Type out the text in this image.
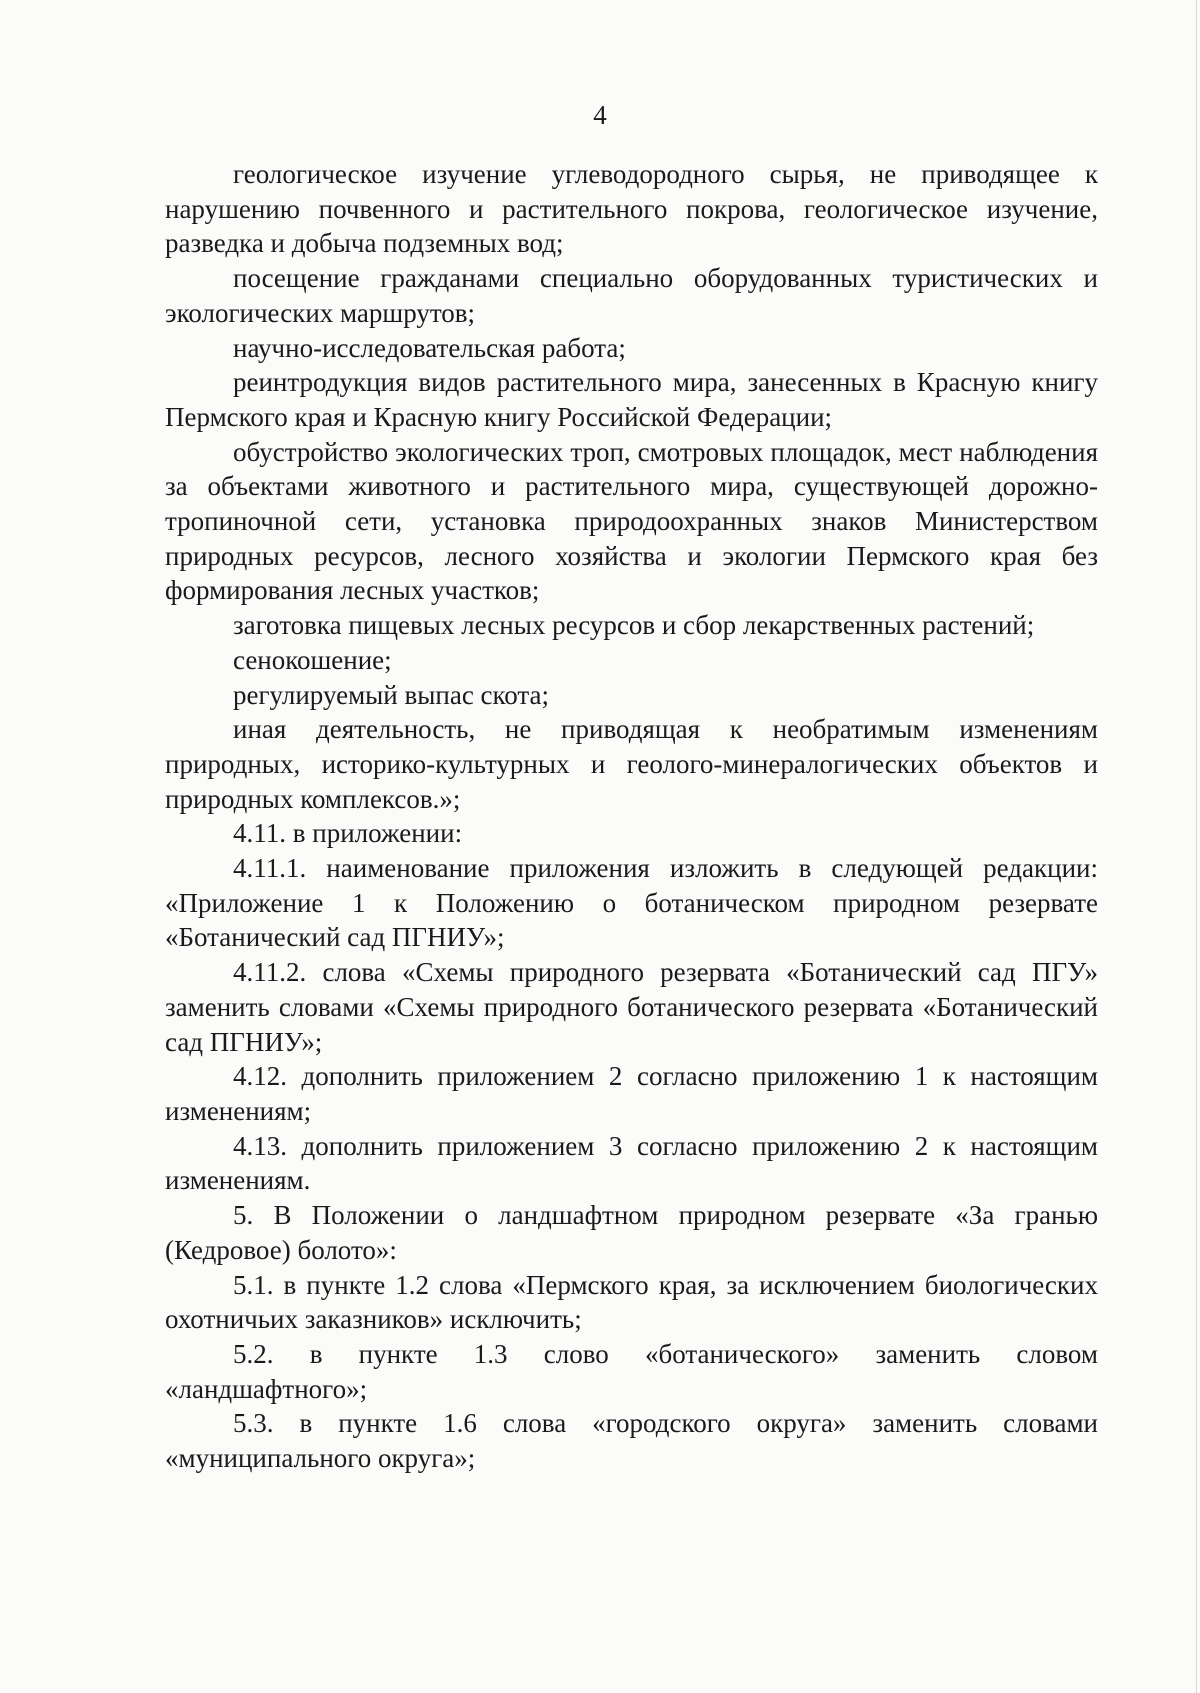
4

геологическое изучение углеводородного сырья, не приводящее к нарушению почвенного и растительного покрова, геологическое изучение, разведка и добыча подземных вод;

посещение гражданами специально оборудованных туристических и экологических маршрутов;

научно-исследовательская работа;

реинтродукция видов растительного мира, занесенных в Красную книгу Пермского края и Красную книгу Российской Федерации;

обустройство экологических троп, смотровых площадок, мест наблюдения за объектами животного и растительного мира, существующей дорожно-тропиночной сети, установка природоохранных знаков Министерством природных ресурсов, лесного хозяйства и экологии Пермского края без формирования лесных участков;

заготовка пищевых лесных ресурсов и сбор лекарственных растений;

сенокошение;

регулируемый выпас скота;

иная деятельность, не приводящая к необратимым изменениям природных, историко-культурных и геолого-минералогических объектов и природных комплексов.»;

4.11. в приложении:

4.11.1. наименование приложения изложить в следующей редакции: «Приложение 1 к Положению о ботаническом природном резервате «Ботанический сад ПГНИУ»;

4.11.2. слова «Схемы природного резервата «Ботанический сад ПГУ» заменить словами «Схемы природного ботанического резервата «Ботанический сад ПГНИУ»;

4.12. дополнить приложением 2 согласно приложению 1 к настоящим изменениям;

4.13. дополнить приложением 3 согласно приложению 2 к настоящим изменениям.

5. В Положении о ландшафтном природном резервате «За гранью (Кедровое) болото»:

5.1. в пункте 1.2 слова «Пермского края, за исключением биологических охотничьих заказников» исключить;

5.2. в пункте 1.3 слово «ботанического» заменить словом «ландшафтного»;

5.3. в пункте 1.6 слова «городского округа» заменить словами «муниципального округа»;
